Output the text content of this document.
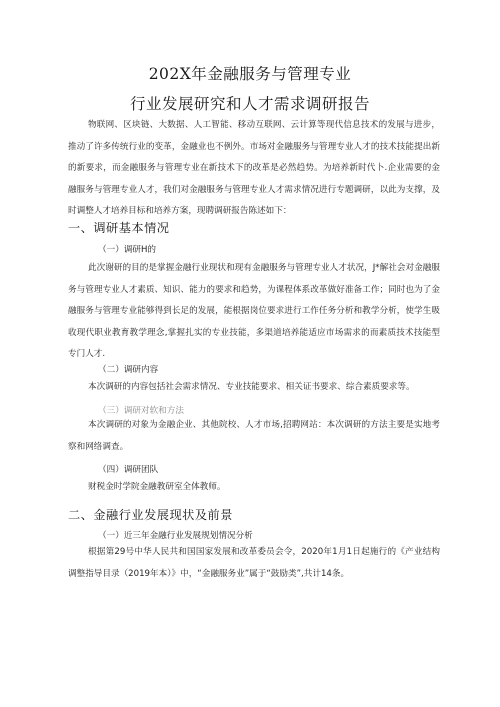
202X年金融服务与管理专业
行业发展研究和人才需求调研报告

物联网、区块链、大数据、人工智能、移动互联网、云计算等现代信息技术的发展与进步，推动了许多传统行业的变革，金融业也不例外。市场对金融服务与管理专业人才的技术技能提出新的新要求，而金融服务与管理专业在新技术下的改革是必然趋势。为培养新时代卜.企业需要的金融服务与管理专业人才，我们对金融服务与管理专业人才需求情况进行专题调研，以此为支撑，及时调整人才培养目标和培养方案，现聘调研报告陈述如下：

一、调研基本情况
（一）调研H的

此次谢研的目的是掌握金融行业现状和现有金融服务与管理专业人才状况，J*解社会对金融服务与管理专业人才素质、知识、能力的要求和趋势，为课程体系改革做好准备工作；同时也为了金融服务与管理专业能够得到长足的发展，能根据岗位要求进行工作任务分析和教学分析，使学生吸收现代职业教育教学理念,掌握扎实的专业技能，多渠道培养能适应市场需求的而素质技术技能型专门人才.

（二）调研内容

本次调研的内容包括社会需求情况、专业技能要求、相关证书要求、综合素质要求等。

（三）调研对软和方法

本次调研的对象为金融企业、其他院校、人才市场,招聘网站：本次调研的方法主要是实地考察和网络调查。

（四）调研团队

财税金时学院金融教研室全体教师。

二、金融行业发展现状及前景
（一）近三年金融行业发展规划情况分析

根据第29号中华人民共和国国家发展和改革委员会令，2020年1月1日起施行的《产业结构调整指导目录（2019年本）》中，“金融服务业”属于“鼓励类”,共计14条。
